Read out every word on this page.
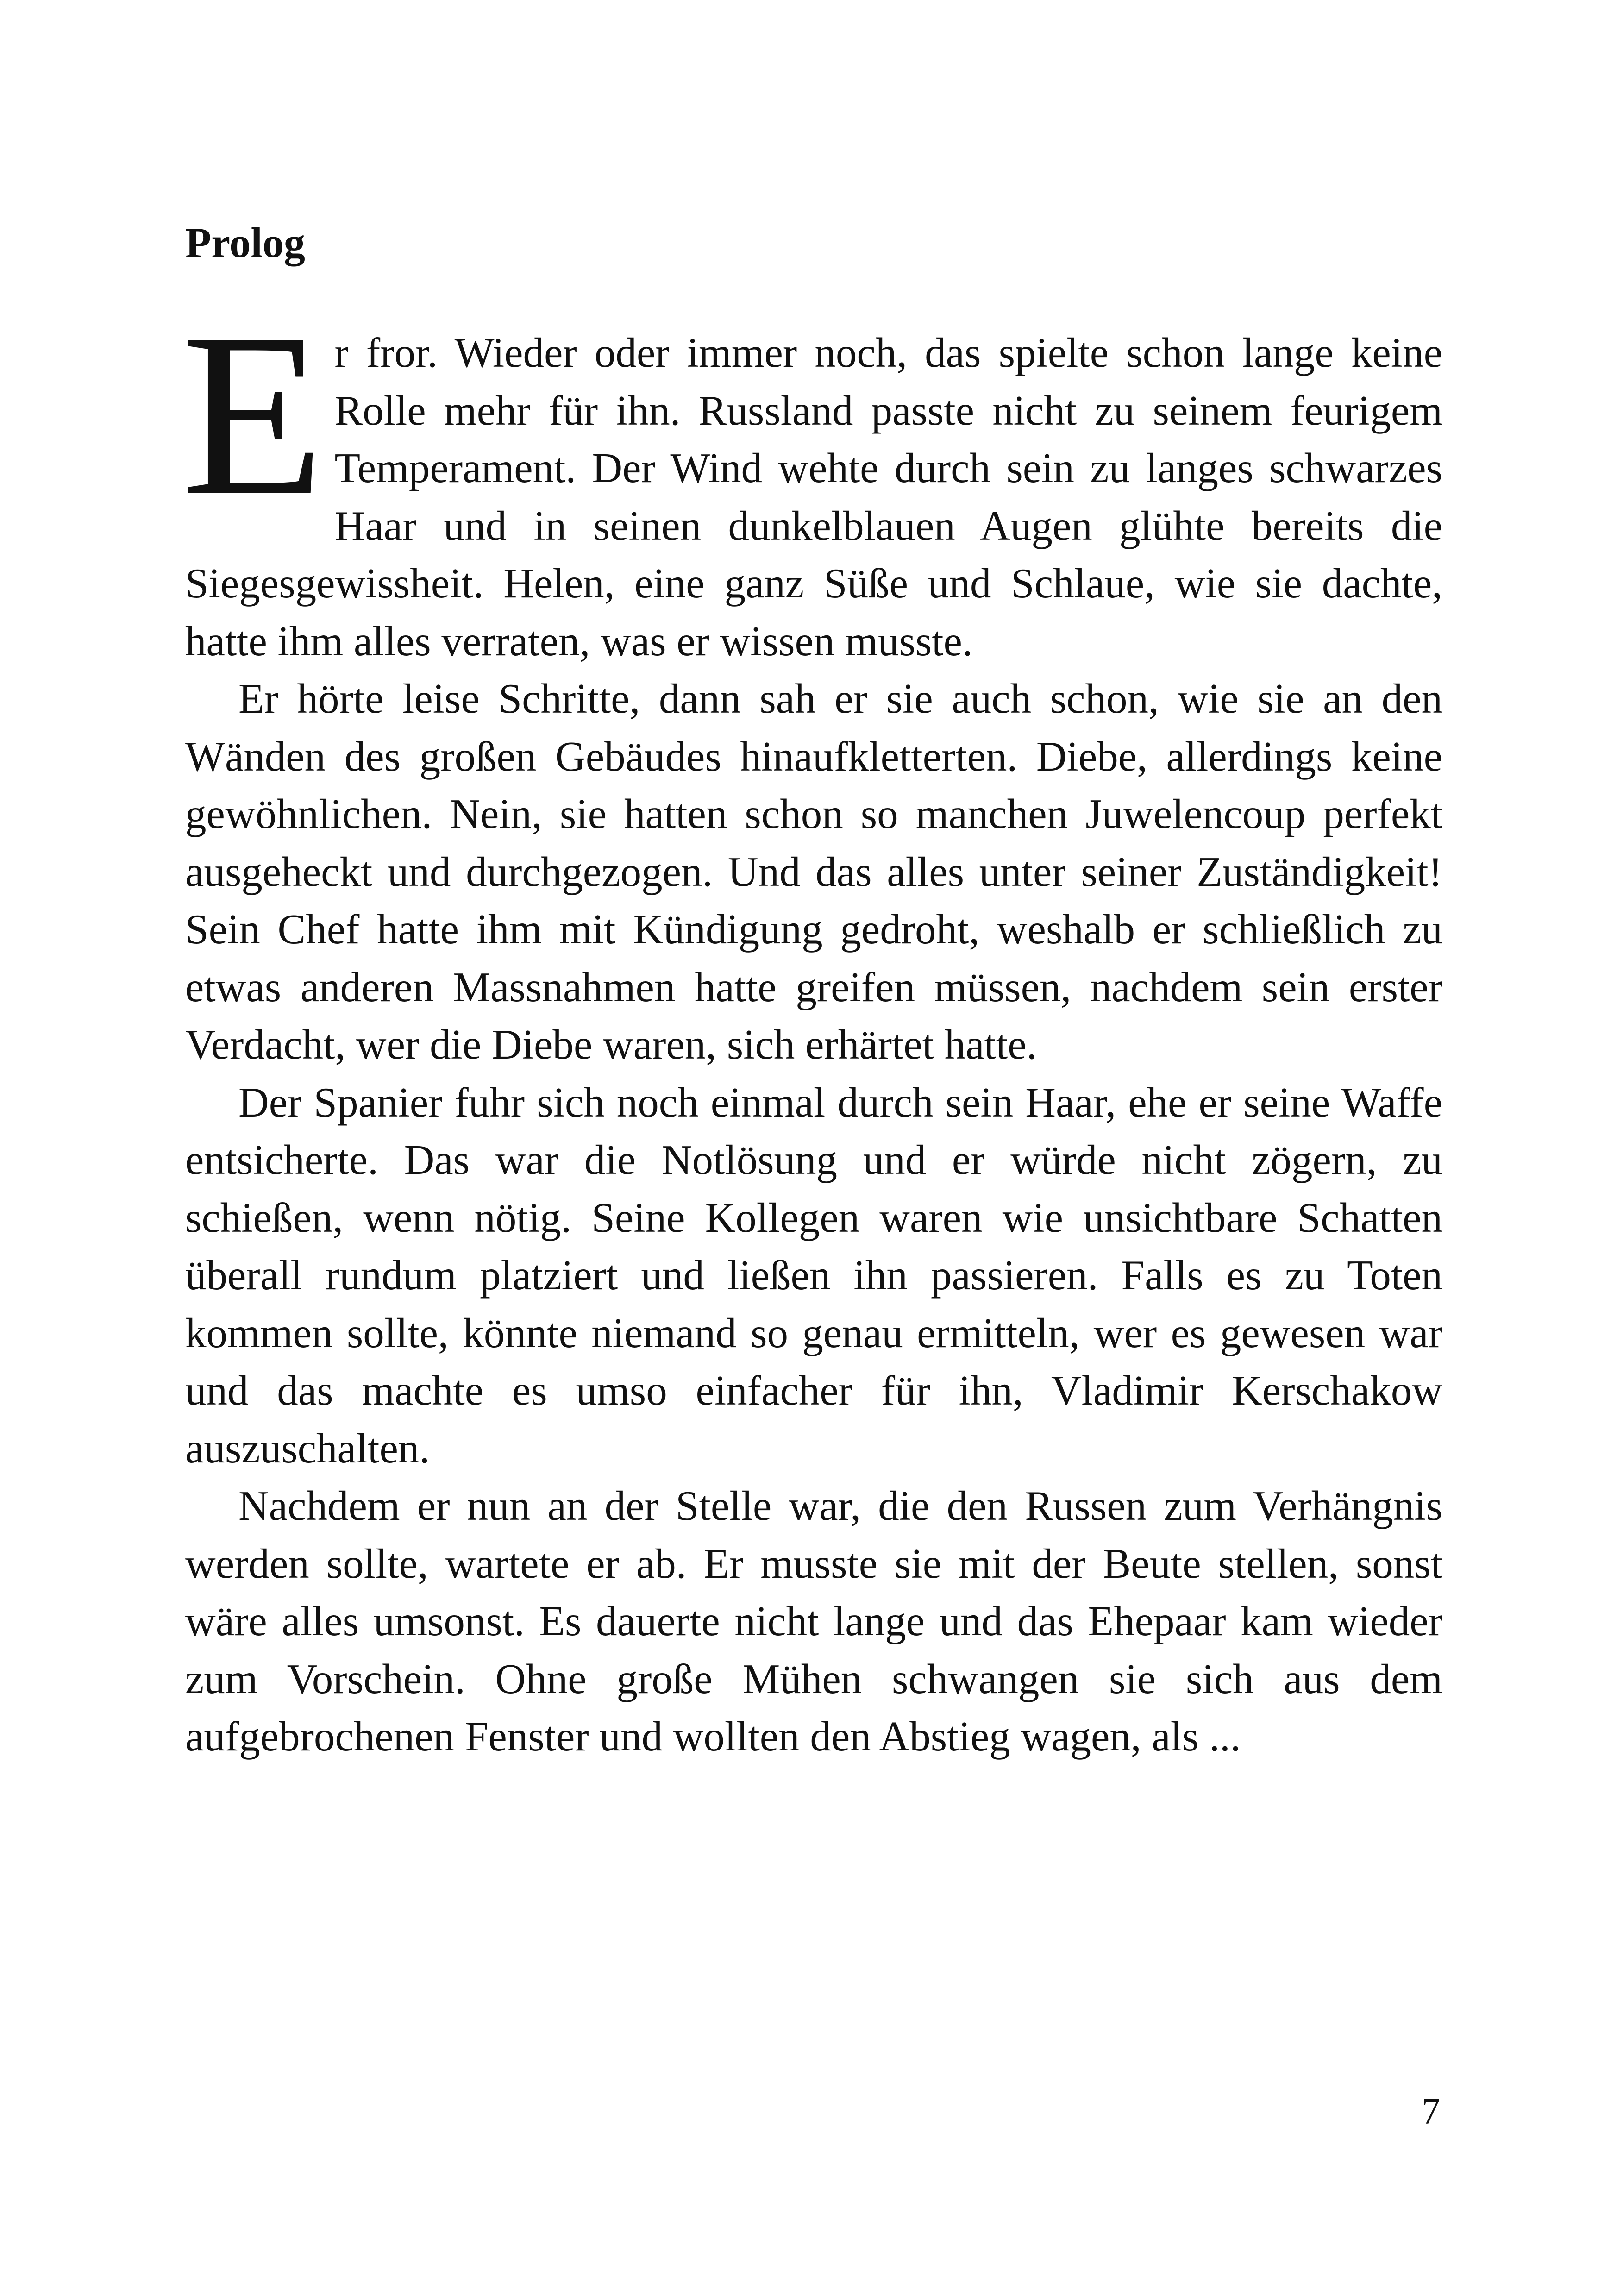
Prolog

Er fror. Wieder oder immer noch, das spielte schon lange keine Rolle mehr für ihn. Russland passte nicht zu seinem feurigem Temperament. Der Wind wehte durch sein zu langes schwarzes Haar und in seinen dunkelblauen Augen glühte bereits die Siegesgewissheit. Helen, eine ganz Süße und Schlaue, wie sie dachte, hatte ihm alles verraten, was er wissen musste.

Er hörte leise Schritte, dann sah er sie auch schon, wie sie an den Wänden des großen Gebäudes hinaufkletterten. Diebe, allerdings keine gewöhnlichen. Nein, sie hatten schon so manchen Juwelencoup perfekt ausgeheckt und durchgezogen. Und das alles unter seiner Zuständigkeit! Sein Chef hatte ihm mit Kündigung gedroht, weshalb er schließlich zu etwas anderen Massnahmen hatte greifen müssen, nachdem sein erster Verdacht, wer die Diebe waren, sich erhärtet hatte.

Der Spanier fuhr sich noch einmal durch sein Haar, ehe er seine Waffe entsicherte. Das war die Notlösung und er würde nicht zögern, zu schießen, wenn nötig. Seine Kollegen waren wie unsichtbare Schatten überall rundum platziert und ließen ihn passieren. Falls es zu Toten kommen sollte, könnte niemand so genau ermitteln, wer es gewesen war und das machte es umso einfacher für ihn, Vladimir Kerschakow auszuschalten.

Nachdem er nun an der Stelle war, die den Russen zum Verhängnis werden sollte, wartete er ab. Er musste sie mit der Beute stellen, sonst wäre alles umsonst. Es dauerte nicht lange und das Ehepaar kam wieder zum Vorschein. Ohne große Mühen schwangen sie sich aus dem aufgebrochenen Fenster und wollten den Abstieg wagen, als ...

7
